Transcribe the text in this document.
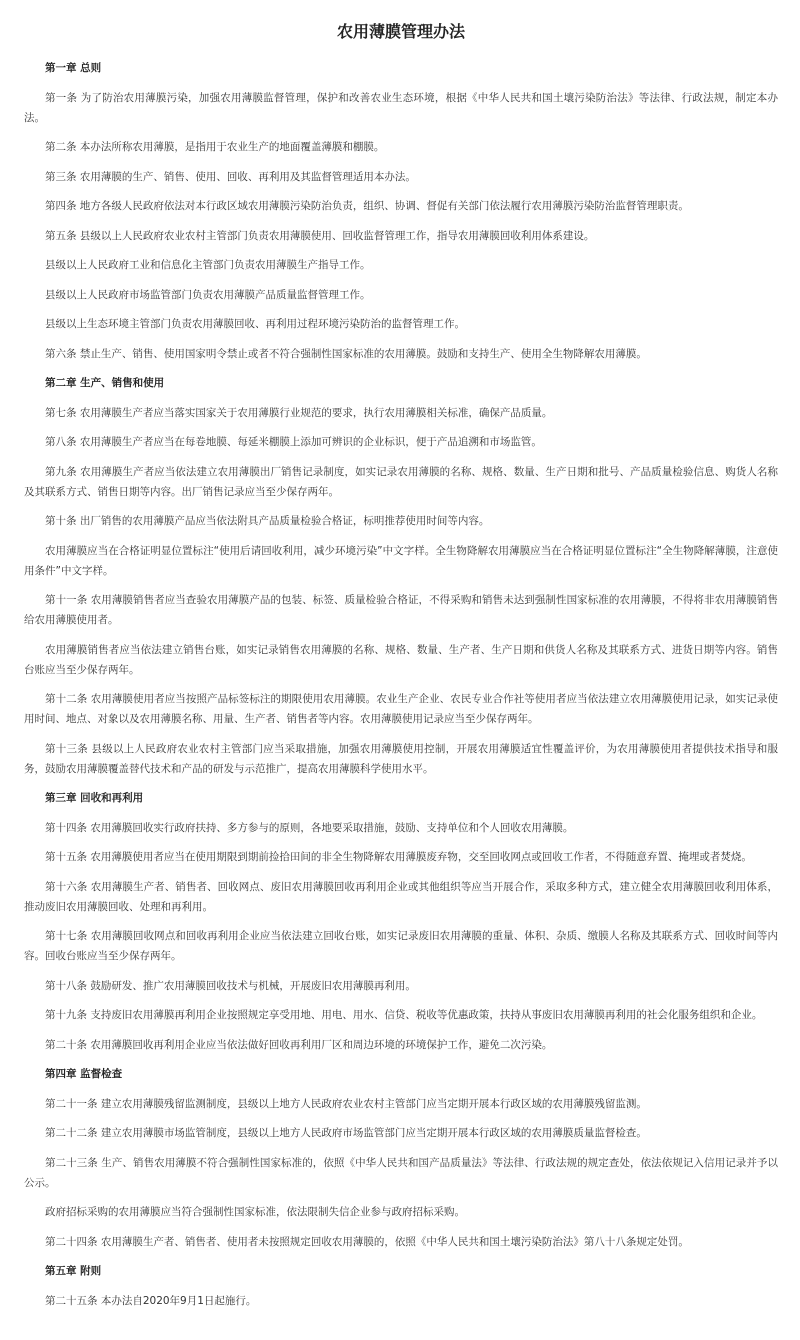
农用薄膜管理办法
第一章 总则

第一条 为了防治农用薄膜污染，加强农用薄膜监督管理，保护和改善农业生态环境，根据《中华人民共和国土壤污染防治法》等法律、行政法规，制定本办法。

第二条 本办法所称农用薄膜，是指用于农业生产的地面覆盖薄膜和棚膜。

第三条 农用薄膜的生产、销售、使用、回收、再利用及其监督管理适用本办法。

第四条 地方各级人民政府依法对本行政区域农用薄膜污染防治负责，组织、协调、督促有关部门依法履行农用薄膜污染防治监督管理职责。

第五条 县级以上人民政府农业农村主管部门负责农用薄膜使用、回收监督管理工作，指导农用薄膜回收利用体系建设。

县级以上人民政府工业和信息化主管部门负责农用薄膜生产指导工作。

县级以上人民政府市场监管部门负责农用薄膜产品质量监督管理工作。

县级以上生态环境主管部门负责农用薄膜回收、再利用过程环境污染防治的监督管理工作。

第六条 禁止生产、销售、使用国家明令禁止或者不符合强制性国家标准的农用薄膜。鼓励和支持生产、使用全生物降解农用薄膜。

第二章 生产、销售和使用

第七条 农用薄膜生产者应当落实国家关于农用薄膜行业规范的要求，执行农用薄膜相关标准，确保产品质量。

第八条 农用薄膜生产者应当在每卷地膜、每延米棚膜上添加可辨识的企业标识，便于产品追溯和市场监管。

第九条 农用薄膜生产者应当依法建立农用薄膜出厂销售记录制度，如实记录农用薄膜的名称、规格、数量、生产日期和批号、产品质量检验信息、购货人名称及其联系方式、销售日期等内容。出厂销售记录应当至少保存两年。

第十条 出厂销售的农用薄膜产品应当依法附具产品质量检验合格证，标明推荐使用时间等内容。

农用薄膜应当在合格证明显位置标注“使用后请回收利用，减少环境污染”中文字样。全生物降解农用薄膜应当在合格证明显位置标注“全生物降解薄膜，注意使用条件”中文字样。

第十一条 农用薄膜销售者应当查验农用薄膜产品的包装、标签、质量检验合格证，不得采购和销售未达到强制性国家标准的农用薄膜，不得将非农用薄膜销售给农用薄膜使用者。

农用薄膜销售者应当依法建立销售台账，如实记录销售农用薄膜的名称、规格、数量、生产者、生产日期和供货人名称及其联系方式、进货日期等内容。销售台账应当至少保存两年。

第十二条 农用薄膜使用者应当按照产品标签标注的期限使用农用薄膜。农业生产企业、农民专业合作社等使用者应当依法建立农用薄膜使用记录，如实记录使用时间、地点、对象以及农用薄膜名称、用量、生产者、销售者等内容。农用薄膜使用记录应当至少保存两年。

第十三条 县级以上人民政府农业农村主管部门应当采取措施，加强农用薄膜使用控制，开展农用薄膜适宜性覆盖评价，为农用薄膜使用者提供技术指导和服务，鼓励农用薄膜覆盖替代技术和产品的研发与示范推广，提高农用薄膜科学使用水平。

第三章 回收和再利用

第十四条 农用薄膜回收实行政府扶持、多方参与的原则，各地要采取措施，鼓励、支持单位和个人回收农用薄膜。

第十五条 农用薄膜使用者应当在使用期限到期前捡拾田间的非全生物降解农用薄膜废弃物，交至回收网点或回收工作者，不得随意弃置、掩埋或者焚烧。

第十六条 农用薄膜生产者、销售者、回收网点、废旧农用薄膜回收再利用企业或其他组织等应当开展合作，采取多种方式，建立健全农用薄膜回收利用体系，推动废旧农用薄膜回收、处理和再利用。

第十七条 农用薄膜回收网点和回收再利用企业应当依法建立回收台账，如实记录废旧农用薄膜的重量、体积、杂质、缴膜人名称及其联系方式、回收时间等内容。回收台账应当至少保存两年。

第十八条 鼓励研发、推广农用薄膜回收技术与机械，开展废旧农用薄膜再利用。

第十九条 支持废旧农用薄膜再利用企业按照规定享受用地、用电、用水、信贷、税收等优惠政策，扶持从事废旧农用薄膜再利用的社会化服务组织和企业。

第二十条 农用薄膜回收再利用企业应当依法做好回收再利用厂区和周边环境的环境保护工作，避免二次污染。

第四章 监督检查

第二十一条 建立农用薄膜残留监测制度，县级以上地方人民政府农业农村主管部门应当定期开展本行政区域的农用薄膜残留监测。

第二十二条 建立农用薄膜市场监管制度，县级以上地方人民政府市场监管部门应当定期开展本行政区域的农用薄膜质量监督检查。

第二十三条 生产、销售农用薄膜不符合强制性国家标准的，依照《中华人民共和国产品质量法》等法律、行政法规的规定查处，依法依规记入信用记录并予以公示。

政府招标采购的农用薄膜应当符合强制性国家标准，依法限制失信企业参与政府招标采购。

第二十四条 农用薄膜生产者、销售者、使用者未按照规定回收农用薄膜的，依照《中华人民共和国土壤污染防治法》第八十八条规定处罚。

第五章 附则

第二十五条 本办法自2020年9月1日起施行。
